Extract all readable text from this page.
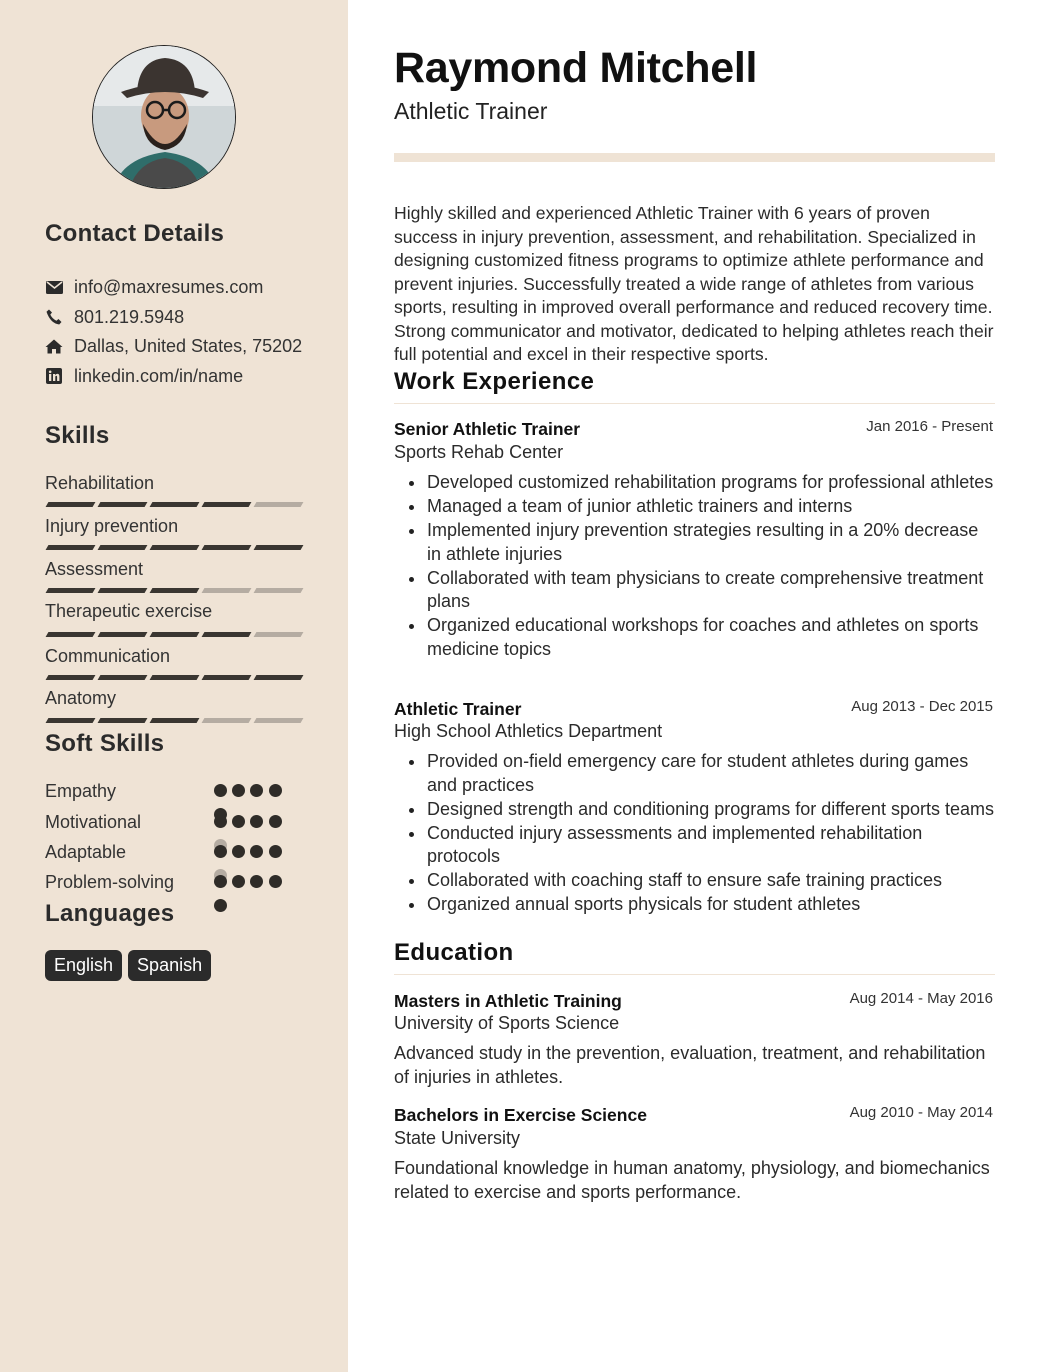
Contact Details
info@maxresumes.com
801.219.5948
Dallas, United States, 75202
linkedin.com/in/name
Skills
Rehabilitation
Injury prevention
Assessment
Therapeutic exercise
Communication
Anatomy
Soft Skills
Empathy
Motivational
Adaptable
Problem-solving
Languages
English	Spanish
Raymond Mitchell
Athletic Trainer

Highly skilled and experienced Athletic Trainer with 6 years of proven success in injury prevention, assessment, and rehabilitation. Specialized in designing customized fitness programs to optimize athlete performance and prevent injuries. Successfully treated a wide range of athletes from various sports, resulting in improved overall performance and reduced recovery time. Strong communicator and motivator, dedicated to helping athletes reach their full potential and excel in their respective sports.

Work Experience
Senior Athletic Trainer	Jan 2016 - Present
Sports Rehab Center
Developed customized rehabilitation programs for professional athletes
Managed a team of junior athletic trainers and interns
Implemented injury prevention strategies resulting in a 20% decrease in athlete injuries
Collaborated with team physicians to create comprehensive treatment plans
Organized educational workshops for coaches and athletes on sports medicine topics
Athletic Trainer	Aug 2013 - Dec 2015
High School Athletics Department
Provided on-field emergency care for student athletes during games and practices
Designed strength and conditioning programs for different sports teams
Conducted injury assessments and implemented rehabilitation protocols
Collaborated with coaching staff to ensure safe training practices
Organized annual sports physicals for student athletes
Education
Masters in Athletic Training	Aug 2014 - May 2016
University of Sports Science

Advanced study in the prevention, evaluation, treatment, and rehabilitation of injuries in athletes.

Bachelors in Exercise Science	Aug 2010 - May 2014
State University

Foundational knowledge in human anatomy, physiology, and biomechanics related to exercise and sports performance.
